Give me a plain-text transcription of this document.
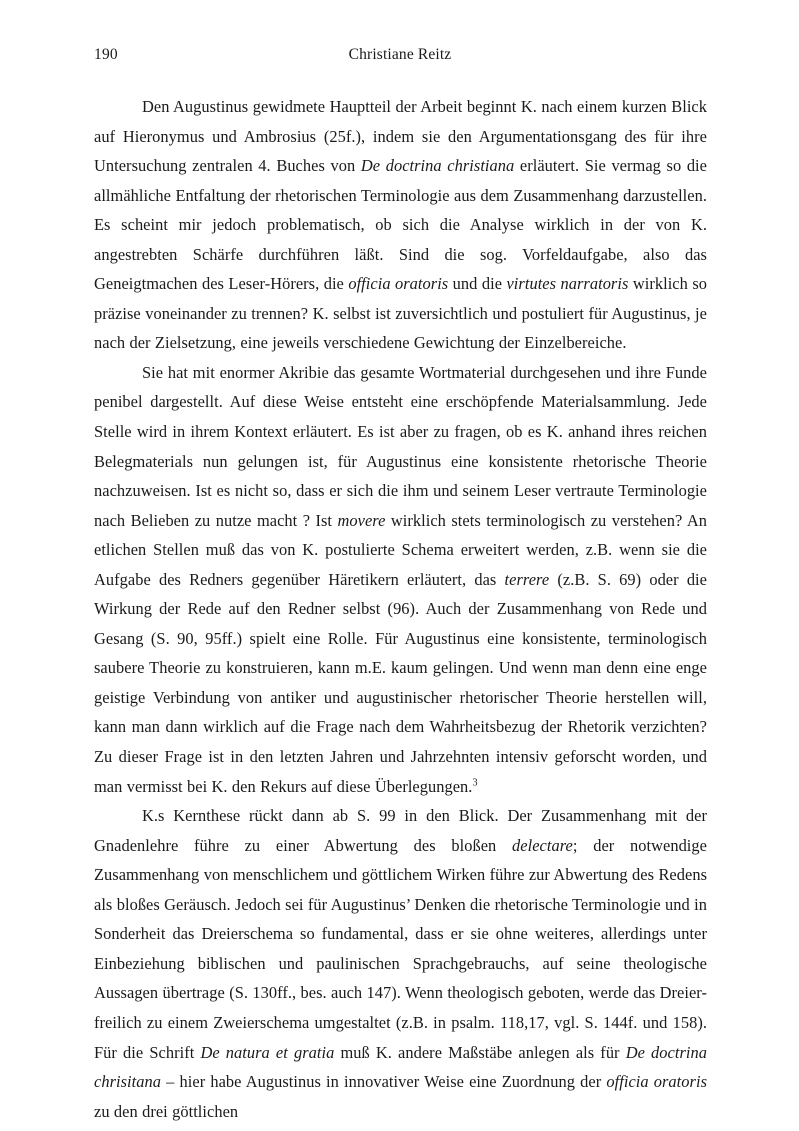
190	Christiane Reitz

Den Augustinus gewidmete Hauptteil der Arbeit beginnt K. nach einem kurzen Blick auf Hieronymus und Ambrosius (25f.), indem sie den Argumentationsgang des für ihre Untersuchung zentralen 4. Buches von De doctrina christiana erläutert. Sie vermag so die allmähliche Entfaltung der rhetorischen Terminologie aus dem Zusammenhang darzustellen. Es scheint mir jedoch problematisch, ob sich die Analyse wirklich in der von K. angestrebten Schärfe durchführen läßt. Sind die sog. Vorfeldaufgabe, also das Geneigtmachen des Leser-Hörers, die officia oratoris und die virtutes narratoris wirklich so präzise voneinander zu trennen? K. selbst ist zuversichtlich und postuliert für Augustinus, je nach der Zielsetzung, eine jeweils verschiedene Gewichtung der Einzelbereiche.

Sie hat mit enormer Akribie das gesamte Wortmaterial durchgesehen und ihre Funde penibel dargestellt. Auf diese Weise entsteht eine erschöpfende Materialsammlung. Jede Stelle wird in ihrem Kontext erläutert. Es ist aber zu fragen, ob es K. anhand ihres reichen Belegmaterials nun gelungen ist, für Augustinus eine konsistente rhetorische Theorie nachzuweisen. Ist es nicht so, dass er sich die ihm und seinem Leser vertraute Terminologie nach Belieben zu nutze macht ? Ist movere wirklich stets terminologisch zu verstehen? An etlichen Stellen muß das von K. postulierte Schema erweitert werden, z.B. wenn sie die Aufgabe des Redners gegenüber Häretikern erläutert, das terrere (z.B. S. 69) oder die Wirkung der Rede auf den Redner selbst (96). Auch der Zusammenhang von Rede und Gesang (S. 90, 95ff.) spielt eine Rolle. Für Augustinus eine konsistente, terminologisch saubere Theorie zu konstruieren, kann m.E. kaum gelingen. Und wenn man denn eine enge geistige Verbindung von antiker und augustinischer rhetorischer Theorie herstellen will, kann man dann wirklich auf die Frage nach dem Wahrheitsbezug der Rhetorik verzichten? Zu dieser Frage ist in den letzten Jahren und Jahrzehnten intensiv geforscht worden, und man vermisst bei K. den Rekurs auf diese Überlegungen.$^3$

K.s Kernthese rückt dann ab S. 99 in den Blick. Der Zusammenhang mit der Gnadenlehre führe zu einer Abwertung des bloßen delectare; der notwendige Zusammenhang von menschlichem und göttlichem Wirken führe zur Abwertung des Redens als bloßes Geräusch. Jedoch sei für Augustinus’ Denken die rhetorische Terminologie und in Sonderheit das Dreierschema so fundamental, dass er sie ohne weiteres, allerdings unter Einbeziehung biblischen und paulinischen Sprachgebrauchs, auf seine theologische Aussagen übertrage (S. 130ff., bes. auch 147). Wenn theologisch geboten, werde das Dreier- freilich zu einem Zweierschema umgestaltet (z.B. in psalm. 118,17, vgl. S. 144f. und 158). Für die Schrift De natura et gratia muß K. andere Maßstäbe anlegen als für De doctrina chrisitana – hier habe Augustinus in innovativer Weise eine Zuordnung der officia oratoris zu den drei göttlichen
